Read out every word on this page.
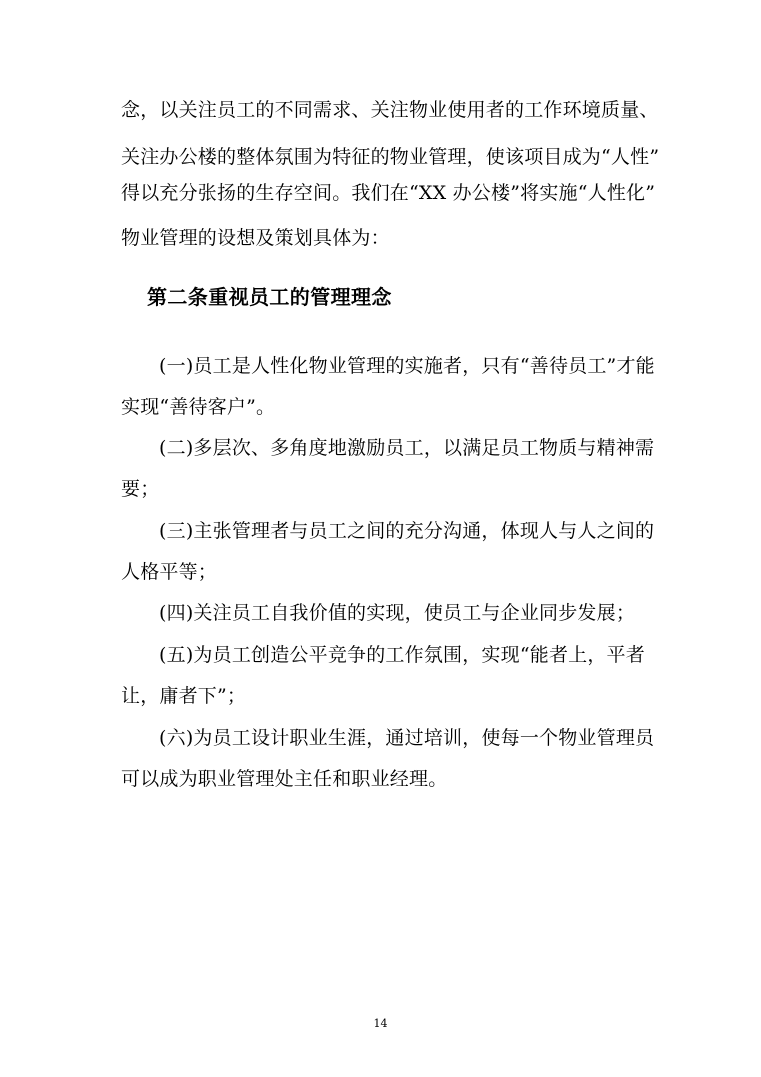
念，以关注员工的不同需求、关注物业使用者的工作环境质量、
关注办公楼的整体氛围为特征的物业管理，使该项目成为“人性”
得以充分张扬的生存空间。我们在“XX 办公楼”将实施“人性化”
物业管理的设想及策划具体为：
第二条重视员工的管理理念
(一)员工是人性化物业管理的实施者，只有“善待员工”才能
实现“善待客户”。
(二)多层次、多角度地激励员工，以满足员工物质与精神需
要；
(三)主张管理者与员工之间的充分沟通，体现人与人之间的
人格平等；
(四)关注员工自我价值的实现，使员工与企业同步发展；
(五)为员工创造公平竞争的工作氛围，实现“能者上，平者
让，庸者下”；
(六)为员工设计职业生涯，通过培训，使每一个物业管理员
可以成为职业管理处主任和职业经理。
14
